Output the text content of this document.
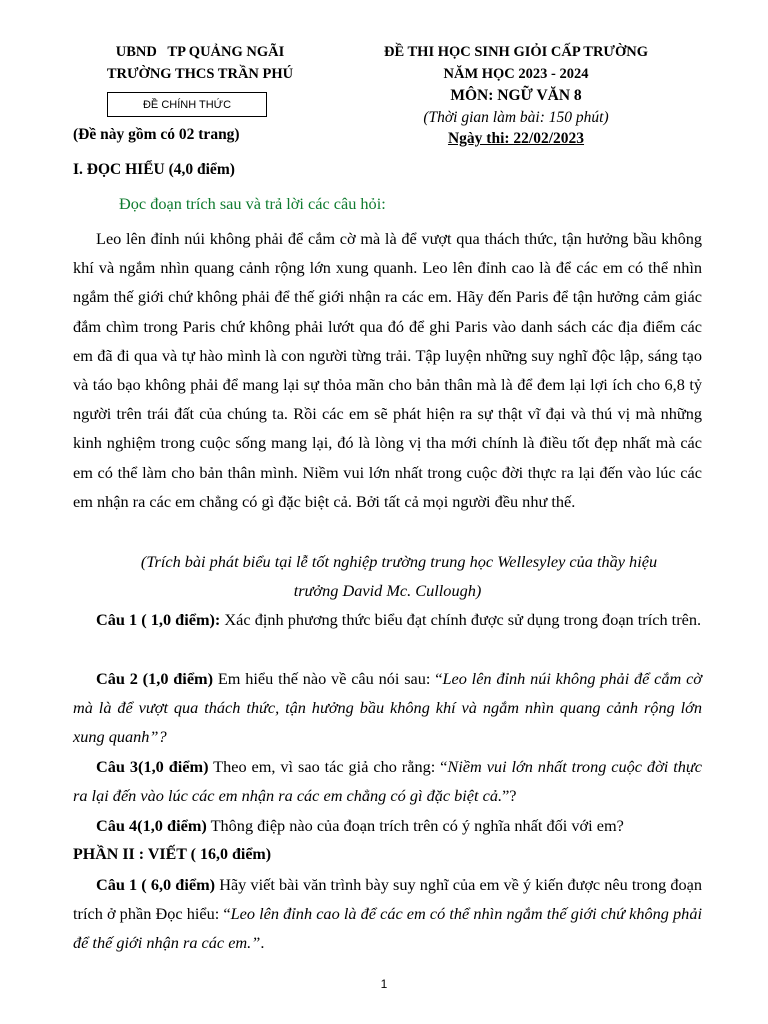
UBND   TP QUẢNG NGÃI
TRƯỜNG THCS TRẦN PHÚ
ĐỀ CHÍNH THỨC
(Đề này gồm có 02 trang)
ĐỀ THI HỌC SINH GIỎI CẤP TRƯỜNG
NĂM HỌC 2023 - 2024
MÔN: NGỮ VĂN 8
(Thời gian làm bài: 150 phút)
Ngày thi: 22/02/2023
I. ĐỌC HIỂU (4,0 điểm)
Đọc đoạn trích sau và trả lời các câu hỏi:
Leo lên đỉnh núi không phải để cắm cờ mà là để vượt qua thách thức, tận hưởng bầu không khí và ngắm nhìn quang cảnh rộng lớn xung quanh. Leo lên đỉnh cao là để các em có thể nhìn ngắm thế giới chứ không phải để thế giới nhận ra các em. Hãy đến Paris để tận hưởng cảm giác đắm chìm trong Paris chứ không phải lướt qua đó để ghi Paris vào danh sách các địa điểm các em đã đi qua và tự hào mình là con người từng trải. Tập luyện những suy nghĩ độc lập, sáng tạo và táo bạo không phải để mang lại sự thỏa mãn cho bản thân mà là để đem lại lợi ích cho 6,8 tỷ người trên trái đất của chúng ta. Rồi các em sẽ phát hiện ra sự thật vĩ đại và thú vị mà những kinh nghiệm trong cuộc sống mang lại, đó là lòng vị tha mới chính là điều tốt đẹp nhất mà các em có thể làm cho bản thân mình. Niềm vui lớn nhất trong cuộc đời thực ra lại đến vào lúc các em nhận ra các em chẳng có gì đặc biệt cả. Bởi tất cả mọi người đều như thế.
(Trích bài phát biểu tại lễ tốt nghiệp trường trung học Wellesyley của thầy hiệu
trưởng David Mc. Cullough)
Câu 1 ( 1,0 điểm): Xác định phương thức biểu đạt chính được sử dụng trong đoạn trích trên.
Câu 2 (1,0 điểm) Em hiểu thế nào về câu nói sau: “Leo lên đỉnh núi không phải để cắm cờ mà là để vượt qua thách thức, tận hưởng bầu không khí và ngắm nhìn quang cảnh rộng lớn xung quanh”?
Câu 3(1,0 điểm) Theo em, vì sao tác giả cho rằng: “Niềm vui lớn nhất trong cuộc đời thực ra lại đến vào lúc các em nhận ra các em chẳng có gì đặc biệt cả.”?
Câu 4(1,0 điểm) Thông điệp nào của đoạn trích trên có ý nghĩa nhất đối với em?
PHẦN II : VIẾT ( 16,0 điểm)
Câu 1 ( 6,0 điểm) Hãy viết bài văn trình bày suy nghĩ của em về ý kiến được nêu trong đoạn trích ở phần Đọc hiểu: “Leo lên đỉnh cao là để các em có thể nhìn ngắm thế giới chứ không phải để thế giới nhận ra các em.”.
1
